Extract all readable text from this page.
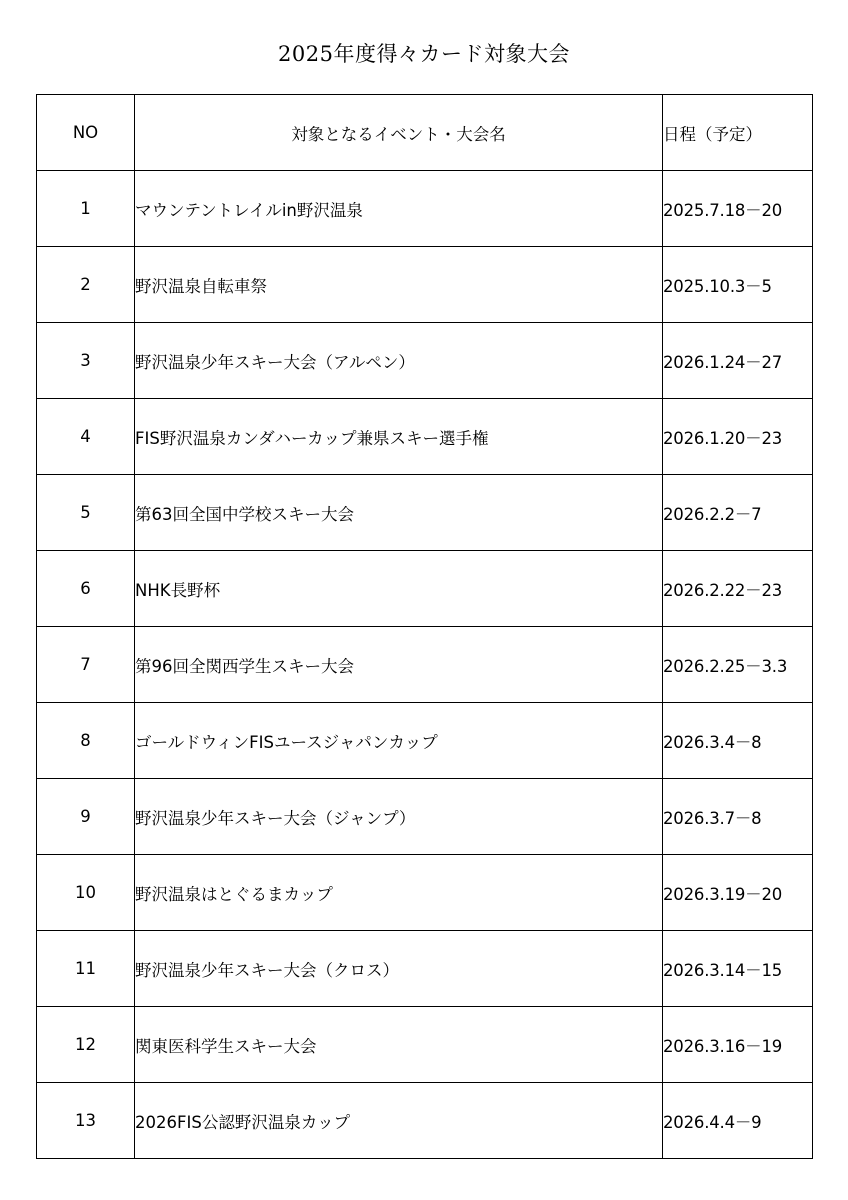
2025年度得々カード対象大会
NO	対象となるイベント・大会名	日程（予定）
1	マウンテントレイルin野沢温泉	2025.7.18－20
2	野沢温泉自転車祭	2025.10.3－5
3	野沢温泉少年スキー大会（アルペン）	2026.1.24－27
4	FIS野沢温泉カンダハーカップ兼県スキー選手権	2026.1.20－23
5	第63回全国中学校スキー大会	2026.2.2－7
6	NHK長野杯	2026.2.22－23
7	第96回全関西学生スキー大会	2026.2.25－3.3
8	ゴールドウィンFISユースジャパンカップ	2026.3.4－8
9	野沢温泉少年スキー大会（ジャンプ）	2026.3.7－8
10	野沢温泉はとぐるまカップ	2026.3.19－20
11	野沢温泉少年スキー大会（クロス）	2026.3.14－15
12	関東医科学生スキー大会	2026.3.16－19
13	2026FIS公認野沢温泉カップ	2026.4.4－9
